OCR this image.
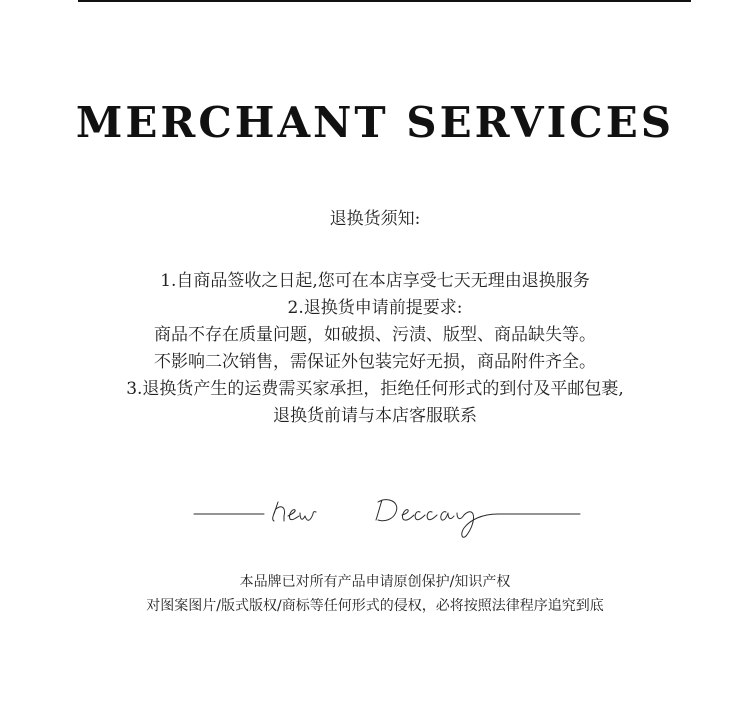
MERCHANT SERVICES
退换货须知:
1.自商品签收之日起,您可在本店享受七天无理由退换服务
2.退换货申请前提要求:
商品不存在质量问题，如破损、污渍、版型、商品缺失等。
不影响二次销售，需保证外包装完好无损，商品附件齐全。
3.退换货产生的运费需买家承担，拒绝任何形式的到付及平邮包裹,
退换货前请与本店客服联系
本品牌已对所有产品申请原创保护/知识产权
对图案图片/版式版权/商标等任何形式的侵权，必将按照法律程序追究到底
